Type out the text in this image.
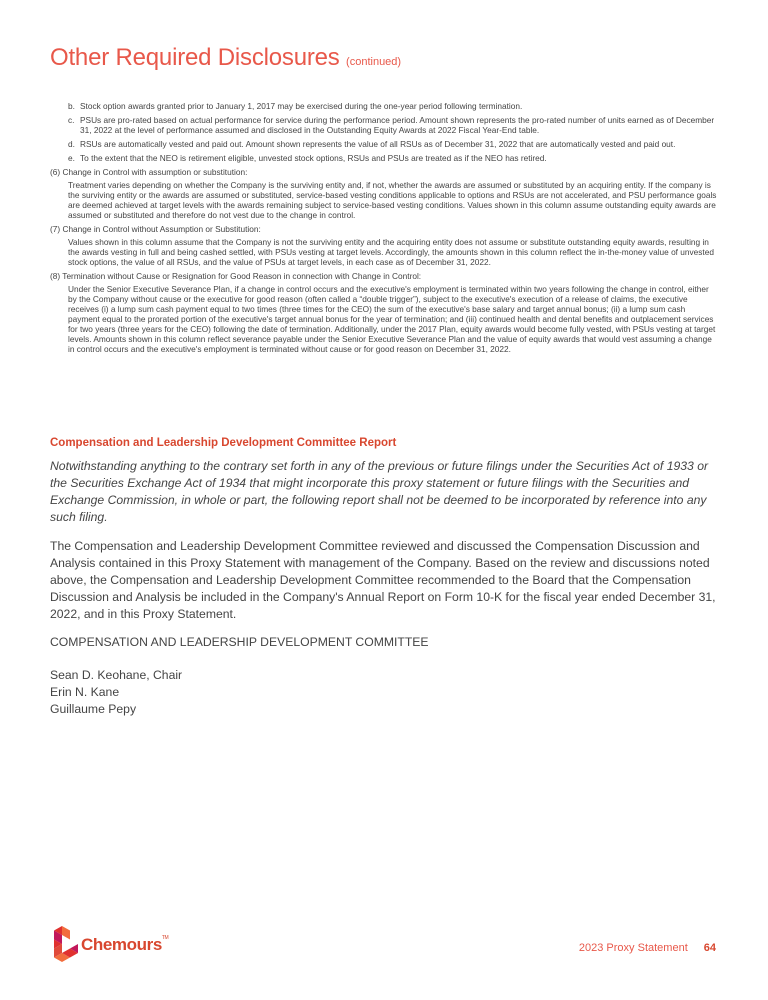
Other Required Disclosures (continued)
b. Stock option awards granted prior to January 1, 2017 may be exercised during the one-year period following termination.
c. PSUs are pro-rated based on actual performance for service during the performance period. Amount shown represents the pro-rated number of units earned as of December 31, 2022 at the level of performance assumed and disclosed in the Outstanding Equity Awards at 2022 Fiscal Year-End table.
d. RSUs are automatically vested and paid out. Amount shown represents the value of all RSUs as of December 31, 2022 that are automatically vested and paid out.
e. To the extent that the NEO is retirement eligible, unvested stock options, RSUs and PSUs are treated as if the NEO has retired.
(6) Change in Control with assumption or substitution:
Treatment varies depending on whether the Company is the surviving entity and, if not, whether the awards are assumed or substituted by an acquiring entity. If the company is the surviving entity or the awards are assumed or substituted, service-based vesting conditions applicable to options and RSUs are not accelerated, and PSU performance goals are deemed achieved at target levels with the awards remaining subject to service-based vesting conditions. Values shown in this column assume outstanding equity awards are assumed or substituted and therefore do not vest due to the change in control.
(7) Change in Control without Assumption or Substitution:
Values shown in this column assume that the Company is not the surviving entity and the acquiring entity does not assume or substitute outstanding equity awards, resulting in the awards vesting in full and being cashed settled, with PSUs vesting at target levels. Accordingly, the amounts shown in this column reflect the in-the-money value of unvested stock options, the value of all RSUs, and the value of PSUs at target levels, in each case as of December 31, 2022.
(8) Termination without Cause or Resignation for Good Reason in connection with Change in Control:
Under the Senior Executive Severance Plan, if a change in control occurs and the executive's employment is terminated within two years following the change in control, either by the Company without cause or the executive for good reason (often called a “double trigger”), subject to the executive's execution of a release of claims, the executive receives (i) a lump sum cash payment equal to two times (three times for the CEO) the sum of the executive's base salary and target annual bonus; (ii) a lump sum cash payment equal to the prorated portion of the executive's target annual bonus for the year of termination; and (iii) continued health and dental benefits and outplacement services for two years (three years for the CEO) following the date of termination. Additionally, under the 2017 Plan, equity awards would become fully vested, with PSUs vesting at target levels. Amounts shown in this column reflect severance payable under the Senior Executive Severance Plan and the value of equity awards that would vest assuming a change in control occurs and the executive's employment is terminated without cause or for good reason on December 31, 2022.
Compensation and Leadership Development Committee Report

Notwithstanding anything to the contrary set forth in any of the previous or future filings under the Securities Act of 1933 or the Securities Exchange Act of 1934 that might incorporate this proxy statement or future filings with the Securities and Exchange Commission, in whole or part, the following report shall not be deemed to be incorporated by reference into any such filing.

The Compensation and Leadership Development Committee reviewed and discussed the Compensation Discussion and Analysis contained in this Proxy Statement with management of the Company. Based on the review and discussions noted above, the Compensation and Leadership Development Committee recommended to the Board that the Compensation Discussion and Analysis be included in the Company's Annual Report on Form 10-K for the fiscal year ended December 31, 2022, and in this Proxy Statement.

COMPENSATION AND LEADERSHIP DEVELOPMENT COMMITTEE

Sean D. Keohane, Chair
Erin N. Kane
Guillaume Pepy
Chemours™
2023 Proxy Statement 64
